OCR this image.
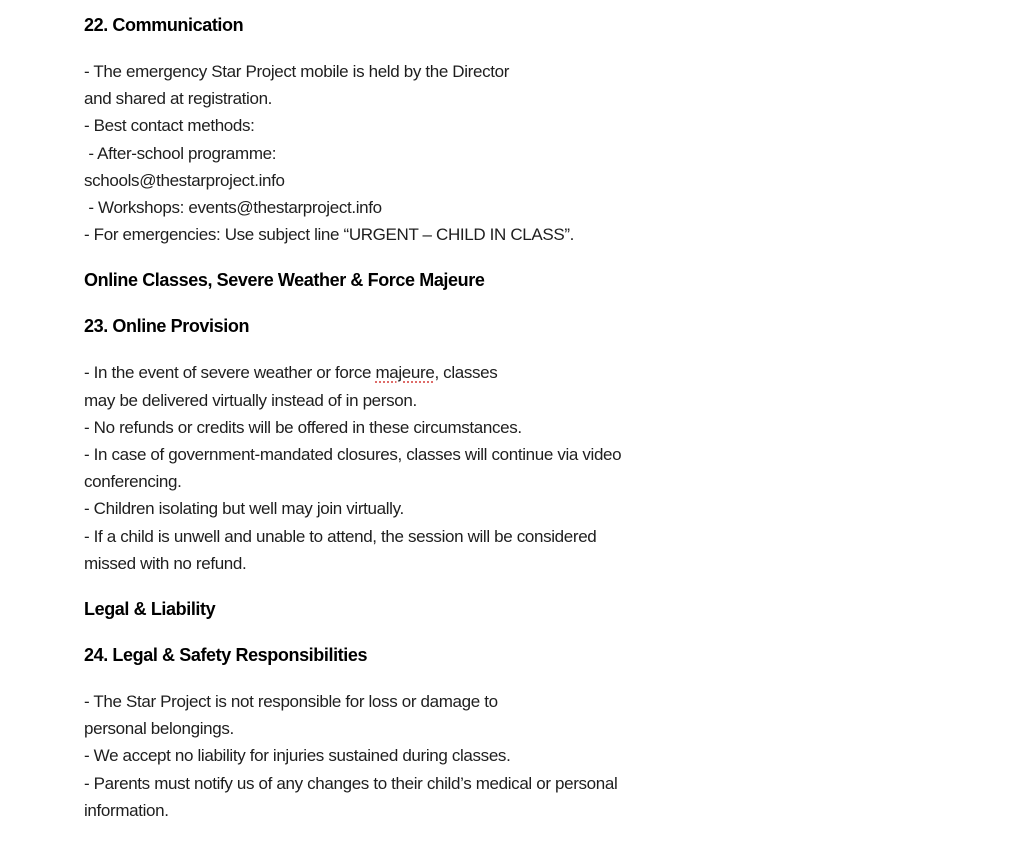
22. Communication
- The emergency Star Project mobile is held by the Director
and shared at registration.
- Best contact methods:
- After-school programme:
schools@thestarproject.info
- Workshops: events@thestarproject.info
- For emergencies: Use subject line “URGENT – CHILD IN CLASS”.
Online Classes, Severe Weather & Force Majeure
23. Online Provision
- In the event of severe weather or force majeure, classes
may be delivered virtually instead of in person.
- No refunds or credits will be offered in these circumstances.
- In case of government-mandated closures, classes will continue via video
conferencing.
- Children isolating but well may join virtually.
- If a child is unwell and unable to attend, the session will be considered
missed with no refund.
Legal & Liability
24. Legal & Safety Responsibilities
- The Star Project is not responsible for loss or damage to
personal belongings.
- We accept no liability for injuries sustained during classes.
- Parents must notify us of any changes to their child’s medical or personal
information.
